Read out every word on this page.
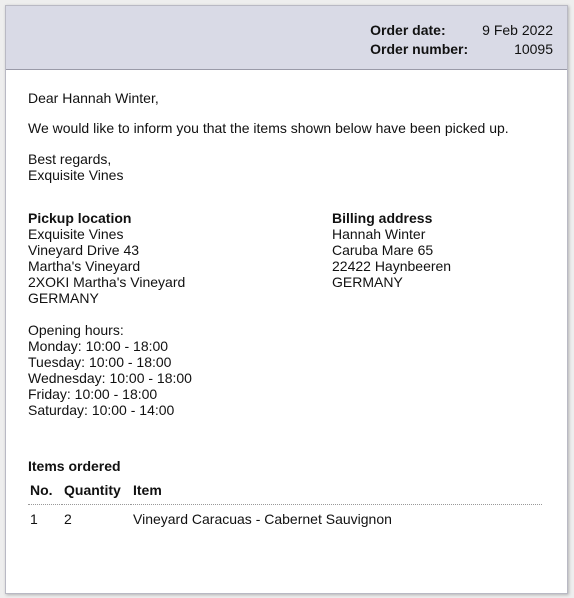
Order date:	9 Feb 2022
Order number:	10095

Dear Hannah Winter,

We would like to inform you that the items shown below have been picked up.

Best regards,

Exquisite Vines

Pickup location
Exquisite Vines
Vineyard Drive 43
Martha's Vineyard
2XOKI Martha's Vineyard
GERMANY
Opening hours:
Monday: 10:00 - 18:00
Tuesday: 10:00 - 18:00
Wednesday: 10:00 - 18:00
Friday: 10:00 - 18:00
Saturday: 10:00 - 14:00
Billing address
Hannah Winter
Caruba Mare 65
22422 Haynbeeren
GERMANY
Items ordered
No.	Quantity	Item
1	2	Vineyard Caracuas - Cabernet Sauvignon
